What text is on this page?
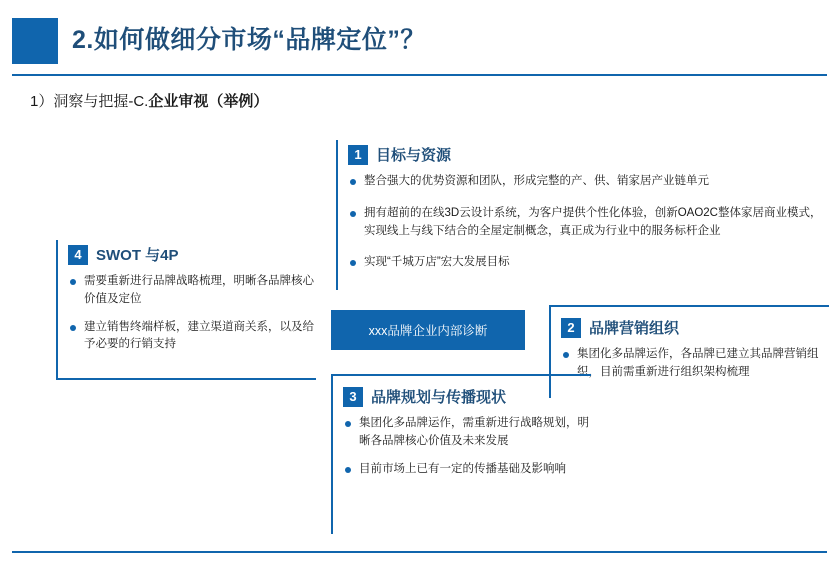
2.如何做细分市场“品牌定位”？
1）洞察与把握-C.企业审视（举例）
1 目标与资源
整合强大的优势资源和团队，形成完整的产、供、销家居产业链单元
拥有超前的在线3D云设计系统，为客户提供个性化体验，创新OAO2C整体家居商业模式，实现线上与线下结合的全屋定制概念，真正成为行业中的服务标杆企业
实现“千城万店”宏大发展目标
4 SWOT 与4P
需要重新进行品牌战略梳理，明晰各品牌核心价值及定位
建立销售终端样板，建立渠道商关系，以及给予必要的行销支持
xxx品牌企业内部诊断	2 品牌营销组织
集团化多品牌运作，各品牌已建立其品牌营销组织，目前需重新进行组织架构梳理
3 品牌规划与传播现状
集团化多品牌运作，需重新进行战略规划，明晰各品牌核心价值及未来发展
目前市场上已有一定的传播基础及影响响
